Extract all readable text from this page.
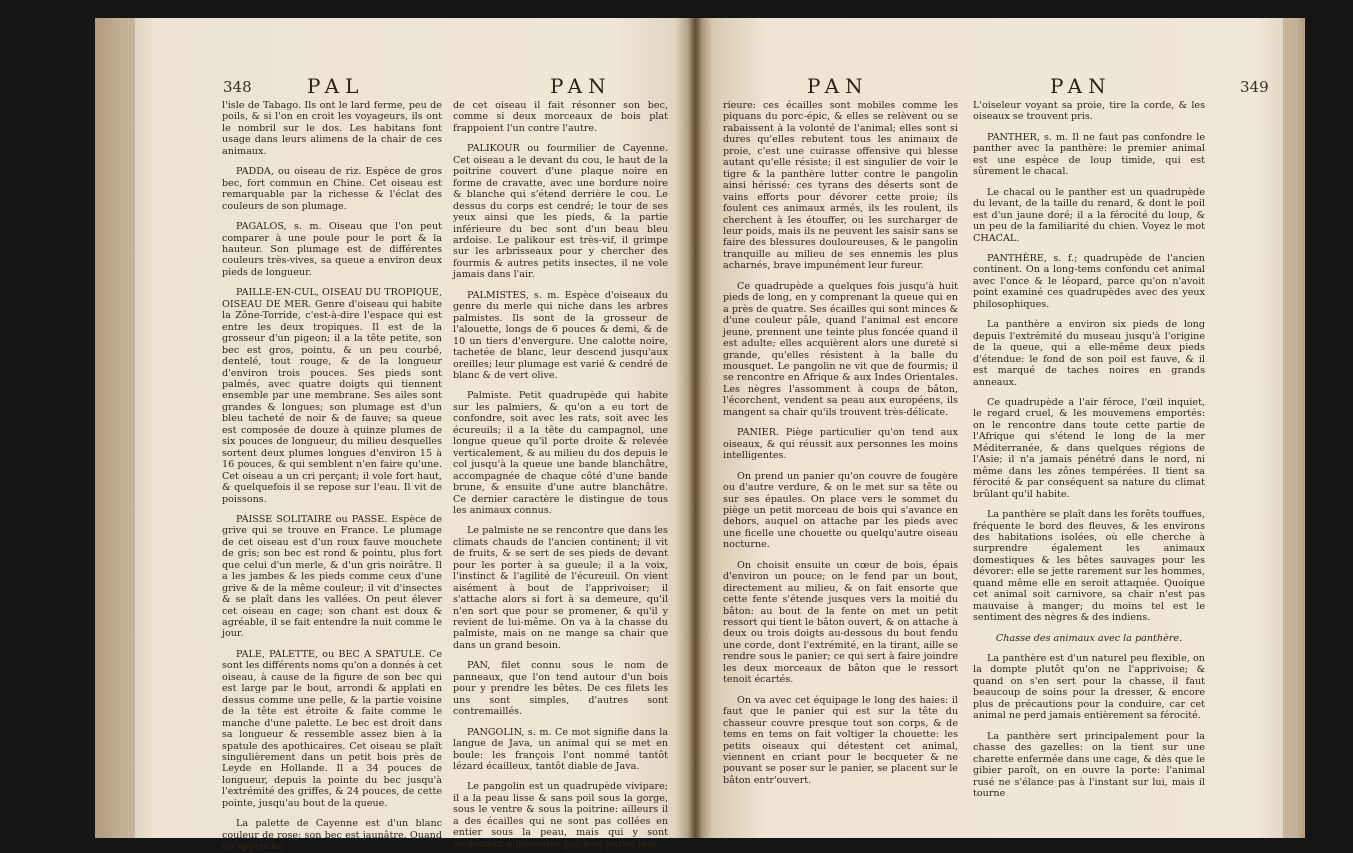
348	PAL	PAN

l'isle de Tabago. Ils ont le lard ferme, peu de poils, & si l'on en croit les voyageurs, ils ont le nombril sur le dos. Les habitans font usage dans leurs alimens de la chair de ces animaux.

PADDA, ou oiseau de riz. Espèce de gros bec, fort commun en Chine. Cet oiseau est remarquable par la richesse & l'éclat des couleurs de son plumage.

PAGALOS, s. m. Oiseau que l'on peut comparer à une poule pour le port & la hauteur. Son plumage est de différentes couleurs très-vives, sa queue a environ deux pieds de longueur.

PAILLE-EN-CUL, OISEAU DU TROPIQUE, OISEAU DE MER. Genre d'oiseau qui habite la Zône-Torride, c'est-à-dire l'espace qui est entre les deux tropiques. Il est de la grosseur d'un pigeon; il a la tête petite, son bec est gros, pointu, & un peu courbé, dentelé, tout rouge, & de la longueur d'environ trois pouces. Ses pieds sont palmés, avec quatre doigts qui tiennent ensemble par une membrane. Ses ailes sont grandes & longues; son plumage est d'un bleu tacheté de noir & de fauve; sa queue est composée de douze à quinze plumes de six pouces de longueur, du milieu desquelles sortent deux plumes longues d'environ 15 à 16 pouces, & qui semblent n'en faire qu'une. Cet oiseau a un cri perçant; il vole fort haut, & quelquefois il se repose sur l'eau. Il vit de poissons.

PAISSE SOLITAIRE ou PASSE. Espèce de grive qui se trouve en France. Le plumage de cet oiseau est d'un roux fauve mouchete de gris; son bec est rond & pointu, plus fort que celui d'un merle, & d'un gris noirâtre. Il a les jambes & les pieds comme ceux d'une grive & de la même couleur; il vit d'insectes & se plaît dans les vallées. On peut élever cet oiseau en cage; son chant est doux & agréable, il se fait entendre la nuit comme le jour.

PALE, PALETTE, ou BEC A SPATULE. Ce sont les différents noms qu'on a donnés à cet oiseau, à cause de la figure de son bec qui est large par le bout, arrondi & applati en dessus comme une pelle, & la partie voisine de la tête est étroite & faite comme le manche d'une palette. Le bec est droit dans sa longueur & ressemble assez bien à la spatule des apothicaires. Cet oiseau se plaît singulièrement dans un petit bois près de Leyde en Hollande. Il a 34 pouces de longueur, depuis la pointe du bec jusqu'à l'extrémité des griffes, & 24 pouces, de cette pointe, jusqu'au bout de la queue.

La palette de Cayenne est d'un blanc couleur de rose; son bec est jaunâtre. Quand on approche

de cet oiseau il fait résonner son bec, comme si deux morceaux de bois plat frappoient l'un contre l'autre.

PALIKOUR ou fourmilier de Cayenne. Cet oiseau a le devant du cou, le haut de la poitrine couvert d'une plaque noire en forme de cravatte, avec une bordure noire & blanche qui s'étend derrière le cou. Le dessus du corps est cendré; le tour de ses yeux ainsi que les pieds, & la partie inférieure du bec sont d'un beau bleu ardoise. Le palikour est très-vif, il grimpe sur les arbrisseaux pour y chercher des fourmis & autres petits insectes, il ne vole jamais dans l'air.

PALMISTES, s. m. Espèce d'oiseaux du genre du merle qui niche dans les arbres palmistes. Ils sont de la grosseur de l'alouette, longs de 6 pouces & demi, & de 10 un tiers d'envergure. Une calotte noire, tachetée de blanc, leur descend jusqu'aux oreilles; leur plumage est varié & cendré de blanc & de vert olive.

Palmiste. Petit quadrupède qui habite sur les palmiers, & qu'on a eu tort de confondre, soit avec les rats, soit avec les écureuils; il a la tête du campagnol, une longue queue qu'il porte droite & relevée verticalement, & au milieu du dos depuis le col jusqu'à la queue une bande blanchâtre, accompagnée de chaque côté d'une bande brune, & ensuite d'une autre blanchâtre. Ce dernier caractère le distingue de tous les animaux connus.

Le palmiste ne se rencontre que dans les climats chauds de l'ancien continent; il vit de fruits, & se sert de ses pieds de devant pour les porter à sa gueule; il a la voix, l'instinct & l'agilité de l'écureuil. On vient aisément à bout de l'apprivoiser; il s'attache alors si fort à sa demeure, qu'il n'en sort que pour se promener, & qu'il y revient de lui-même. On va à la chasse du palmiste, mais on ne mange sa chair que dans un grand besoin.

PAN, filet connu sous le nom de panneaux, que l'on tend autour d'un bois pour y prendre les bêtes. De ces filets les uns sont simples, d'autres sont contremaillés.

PANGOLIN, s. m. Ce mot signifie dans la langue de Java, un animal qui se met en boule: les françois l'ont nommé tantôt lézard écailleux, tantôt diable de Java.

Le pangolin est un quadrupède vivipare; il a la peau lisse & sans poil sous la gorge, sous le ventre & sous la poitrine: ailleurs il a des écailles qui ne sont pas collées en entier sous la peau, mais qui y sont seulement adhérentes par leur partie infé-

PAN	PAN	349

rieure: ces écailles sont mobiles comme les piquans du porc-épic, & elles se relèvent ou se rabaissent à la volonté de l'animal; elles sont si dures qu'elles rebutent tous les animaux de proie, c'est une cuirasse offensive qui blesse autant qu'elle résiste; il est singulier de voir le tigre & la panthère lutter contre le pangolin ainsi hérissé: ces tyrans des déserts sont de vains efforts pour dévorer cette proie; ils foulent ces animaux armés, ils les roulent, ils cherchent à les étouffer, ou les surcharger de leur poids, mais ils ne peuvent les saisir sans se faire des blessures douloureuses, & le pangolin tranquille au milieu de ses ennemis les plus acharnés, brave impunément leur fureur.

Ce quadrupède a quelques fois jusqu'à huit pieds de long, en y comprenant la queue qui en a près de quatre. Ses écailles qui sont minces & d'une couleur pâle, quand l'animal est encore jeune, prennent une teinte plus foncée quand il est adulte; elles acquièrent alors une dureté si grande, qu'elles résistent à la balle du mousquet. Le pangolin ne vit que de fourmis; il se rencontre en Afrique & aux Indes Orientales. Les nègres l'assomment à coups de bâton, l'écorchent, vendent sa peau aux européens, ils mangent sa chair qu'ils trouvent très-délicate.

PANIER. Piège particulier qu'on tend aux oiseaux, & qui réussit aux personnes les moins intelligentes.

On prend un panier qu'on couvre de fougère ou d'autre verdure, & on le met sur sa tête ou sur ses épaules. On place vers le sommet du piège un petit morceau de bois qui s'avance en dehors, auquel on attache par les pieds avec une ficelle une chouette ou quelqu'autre oiseau nocturne.

On choisit ensuite un cœur de bois, épais d'environ un pouce; on le fend par un bout, directement au milieu, & on fait ensorte que cette fente s'étende jusques vers la moitié du bâton: au bout de la fente on met un petit ressort qui tient le bâton ouvert, & on attache à deux ou trois doigts au-dessous du bout fendu une corde, dont l'extrémité, en la tirant, aille se rendre sous le panier; ce qui sert à faire joindre les deux morceaux de bâton que le ressort tenoit écartés.

On va avec cet équipage le long des haies: il faut que le panier qui est sur la tête du chasseur couvre presque tout son corps, & de tems en tems on fait voltiger la chouette: les petits oiseaux qui détestent cet animal, viennent en criant pour le becqueter & ne pouvant se poser sur le panier, se placent sur le bâton entr'ouvert.

L'oiseleur voyant sa proie, tire la corde, & les oiseaux se trouvent pris.

PANTHER, s. m. Il ne faut pas confondre le panther avec la panthère: le premier animal est une espèce de loup timide, qui est sûrement le chacal.

Le chacal ou le panther est un quadrupède du levant, de la taille du renard, & dont le poil est d'un jaune doré; il a la férocité du loup, & un peu de la familiarité du chien. Voyez le mot CHACAL.

PANTHÈRE, s. f.; quadrupède de l'ancien continent. On a long-tems confondu cet animal avec l'once & le léopard, parce qu'on n'avoit point examiné ces quadrupèdes avec des yeux philosophiques.

La panthère a environ six pieds de long depuis l'extrémité du museau jusqu'à l'origine de la queue, qui a elle-même deux pieds d'étendue: le fond de son poil est fauve, & il est marqué de taches noires en grands anneaux.

Ce quadrupède a l'air féroce, l'œil inquiet, le regard cruel, & les mouvemens emportés: on le rencontre dans toute cette partie de l'Afrique qui s'étend le long de la mer Méditerranée, & dans quelques régions de l'Asie; il n'a jamais pénétré dans le nord, ni même dans les zônes tempérées. Il tient sa férocité & par conséquent sa nature du climat brûlant qu'il habite.

La panthère se plaît dans les forêts touffues, fréquente le bord des fleuves, & les environs des habitations isolées, où elle cherche à surprendre également les animaux domestiques & les bêtes sauvages pour les dévorer: elle se jette rarement sur les hommes, quand même elle en seroit attaquée. Quoique cet animal soit carnivore, sa chair n'est pas mauvaise à manger; du moins tel est le sentiment des nègres & des indiens.

Chasse des animaux avec la panthère.

La panthère est d'un naturel peu flexible, on la dompte plutôt qu'on ne l'apprivoise; & quand on s'en sert pour la chasse, il faut beaucoup de soins pour la dresser, & encore plus de précautions pour la conduire, car cet animal ne perd jamais entièrement sa férocité.

La panthère sert principalement pour la chasse des gazelles: on la tient sur une charette enfermée dans une cage, & dès que le gibier paroît, on en ouvre la porte: l'animal rusé ne s'élance pas à l'instant sur lui, mais il tourne
